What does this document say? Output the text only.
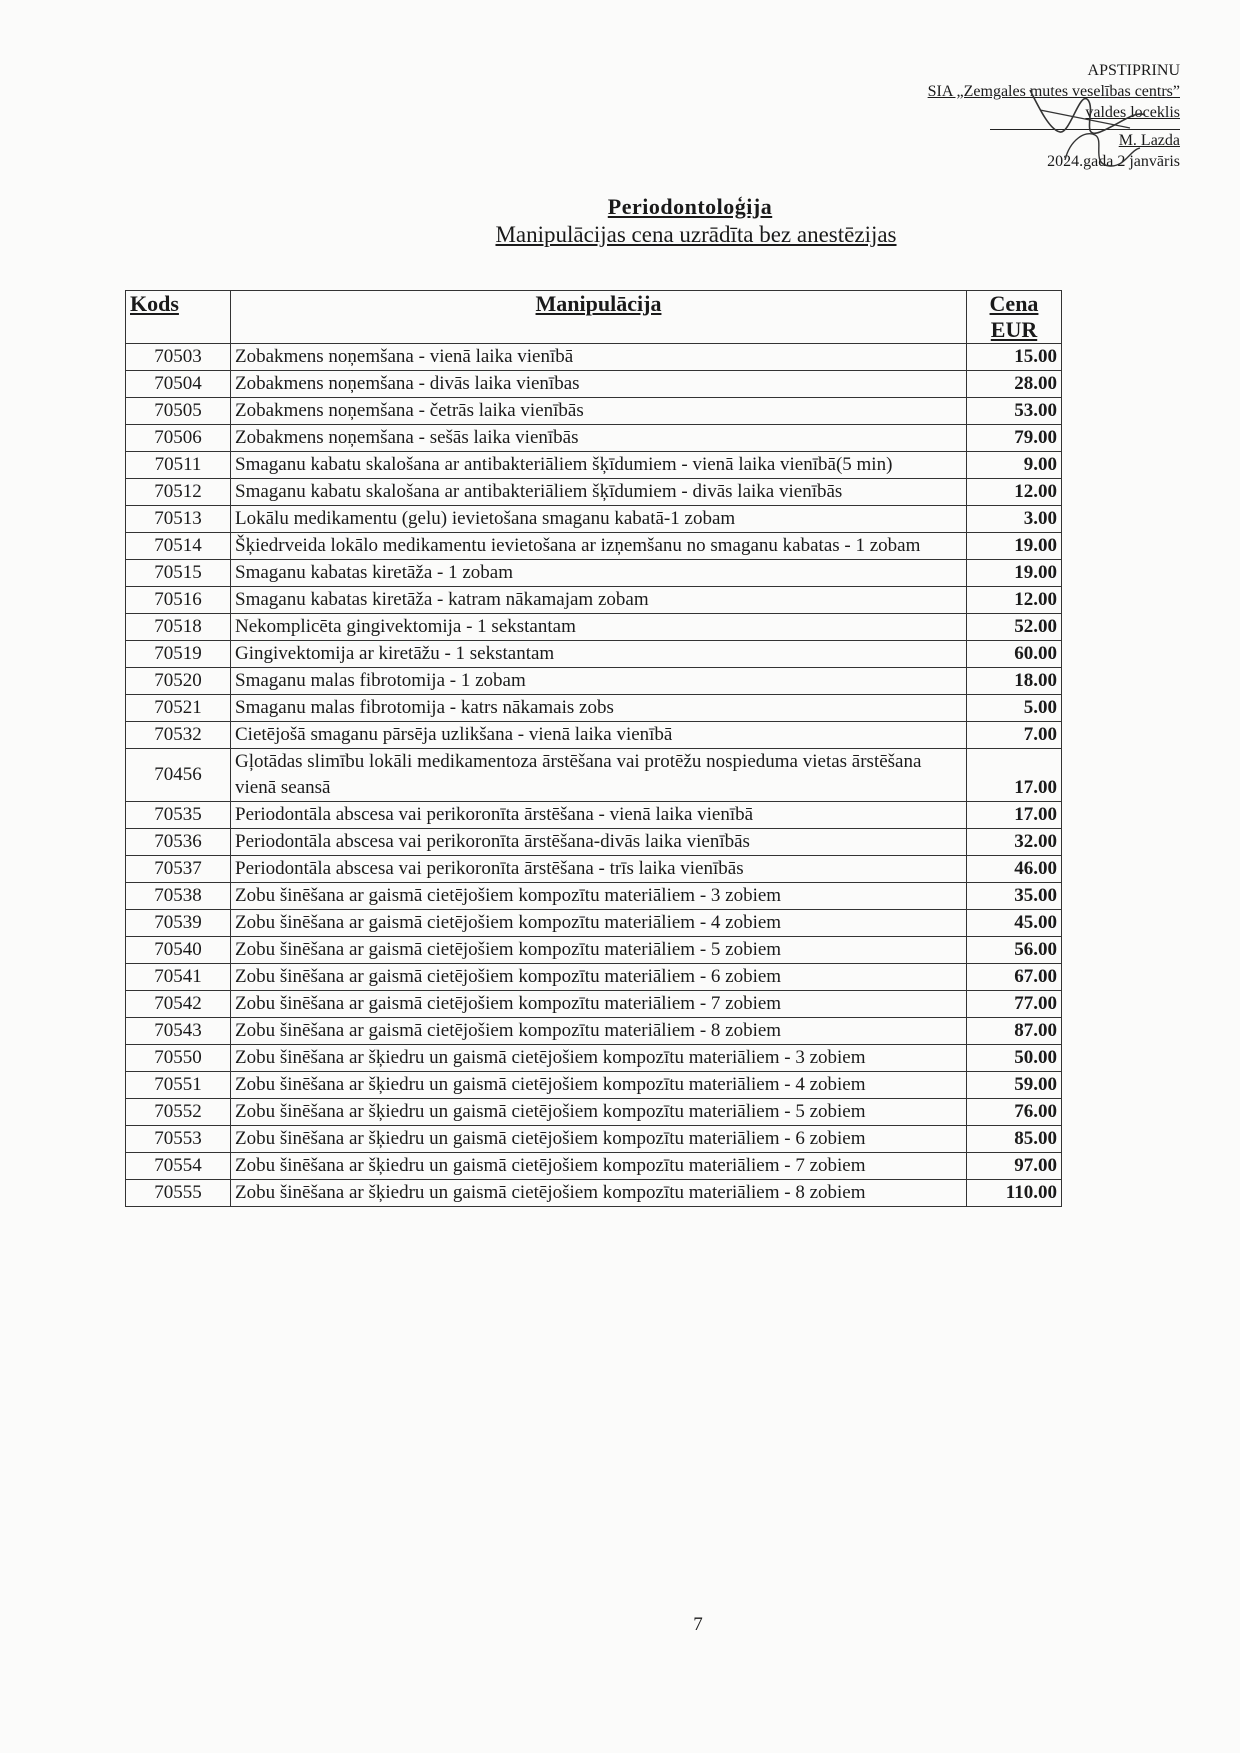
APSTIPRINU
SIA „Zemgales mutes veselības centrs”
valdes loceklis
M. Lazda
2024.gada 2 janvāris
Periodontoloģija
Manipulācijas cena uzrādīta bez anestēzijas
Kods	Manipulācija	Cena EUR
70503	Zobakmens noņemšana - vienā laika vienībā	15.00
70504	Zobakmens noņemšana - divās laika vienības	28.00
70505	Zobakmens noņemšana - četrās laika vienībās	53.00
70506	Zobakmens noņemšana - sešās laika vienībās	79.00
70511	Smaganu kabatu skalošana ar antibakteriāliem šķīdumiem - vienā laika vienībā(5 min)	9.00
70512	Smaganu kabatu skalošana ar antibakteriāliem šķīdumiem - divās laika vienībās	12.00
70513	Lokālu medikamentu (gelu) ievietošana smaganu kabatā-1 zobam	3.00
70514	Šķiedrveida lokālo medikamentu ievietošana ar izņemšanu no smaganu kabatas - 1 zobam	19.00
70515	Smaganu kabatas kiretāža - 1 zobam	19.00
70516	Smaganu kabatas kiretāža - katram nākamajam zobam	12.00
70518	Nekomplicēta gingivektomija - 1 sekstantam	52.00
70519	Gingivektomija ar kiretāžu - 1 sekstantam	60.00
70520	Smaganu malas fibrotomija - 1 zobam	18.00
70521	Smaganu malas fibrotomija - katrs nākamais zobs	5.00
70532	Cietējošā smaganu pārsēja uzlikšana - vienā laika vienībā	7.00
70456	Gļotādas slimību lokāli medikamentoza ārstēšana vai protēžu nospieduma vietas ārstēšana vienā seansā	17.00
70535	Periodontāla abscesa vai perikoronīta ārstēšana - vienā laika vienībā	17.00
70536	Periodontāla abscesa vai perikoronīta ārstēšana-divās laika vienībās	32.00
70537	Periodontāla abscesa vai perikoronīta ārstēšana - trīs laika vienībās	46.00
70538	Zobu šinēšana ar gaismā cietējošiem kompozītu materiāliem - 3 zobiem	35.00
70539	Zobu šinēšana ar gaismā cietējošiem kompozītu materiāliem - 4 zobiem	45.00
70540	Zobu šinēšana ar gaismā cietējošiem kompozītu materiāliem - 5 zobiem	56.00
70541	Zobu šinēšana ar gaismā cietējošiem kompozītu materiāliem - 6 zobiem	67.00
70542	Zobu šinēšana ar gaismā cietējošiem kompozītu materiāliem - 7 zobiem	77.00
70543	Zobu šinēšana ar gaismā cietējošiem kompozītu materiāliem - 8 zobiem	87.00
70550	Zobu šinēšana ar šķiedru un gaismā cietējošiem kompozītu materiāliem - 3 zobiem	50.00
70551	Zobu šinēšana ar šķiedru un gaismā cietējošiem kompozītu materiāliem - 4 zobiem	59.00
70552	Zobu šinēšana ar šķiedru un gaismā cietējošiem kompozītu materiāliem - 5 zobiem	76.00
70553	Zobu šinēšana ar šķiedru un gaismā cietējošiem kompozītu materiāliem - 6 zobiem	85.00
70554	Zobu šinēšana ar šķiedru un gaismā cietējošiem kompozītu materiāliem - 7 zobiem	97.00
70555	Zobu šinēšana ar šķiedru un gaismā cietējošiem kompozītu materiāliem - 8 zobiem	110.00
7
